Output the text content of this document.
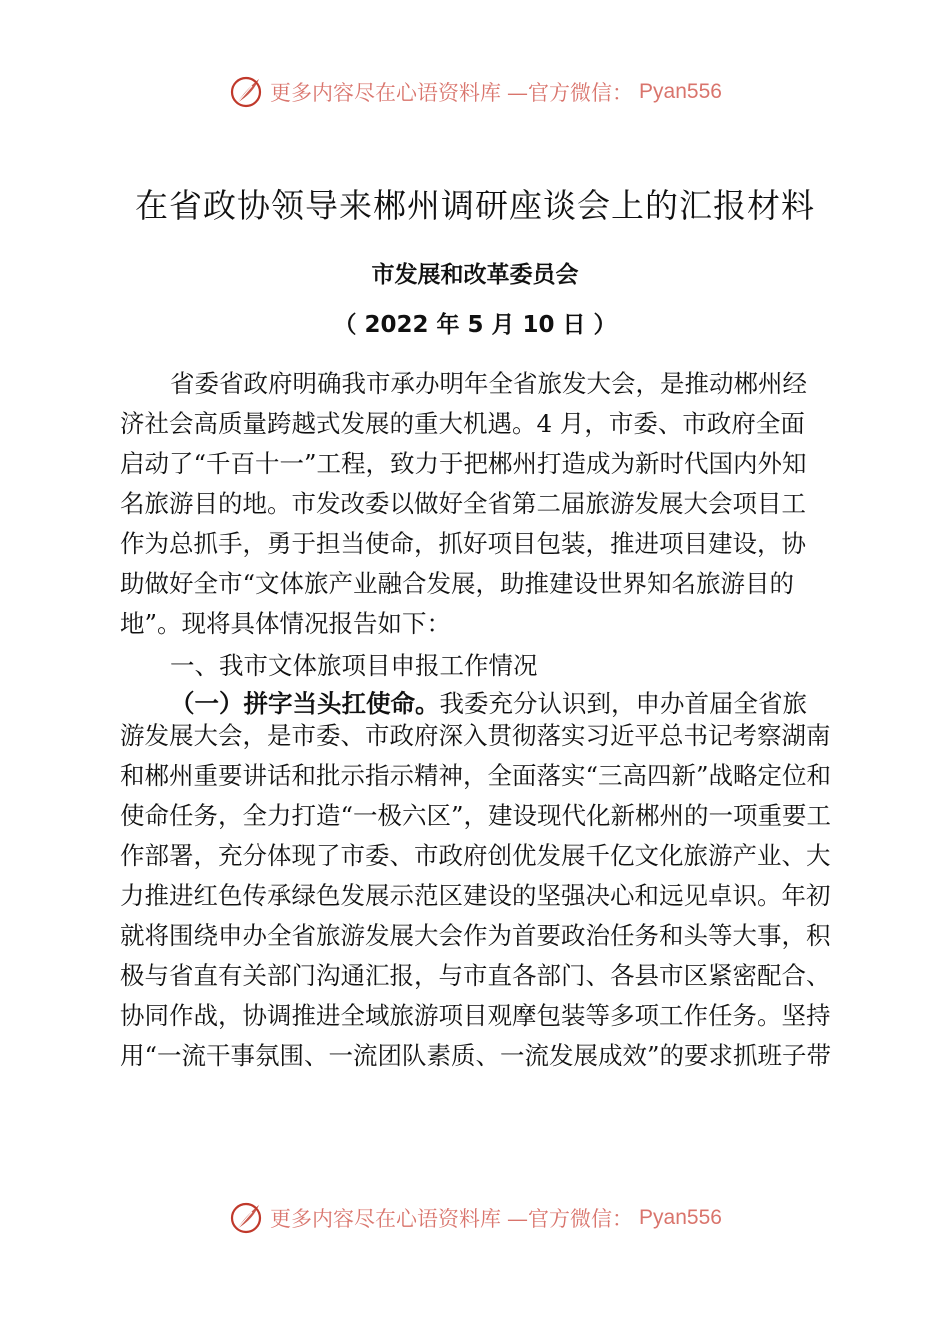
更多内容尽在心语资料库 —官方微信： Pyan556
在省政协领导来郴州调研座谈会上的汇报材料
市发展和改革委员会
（ 2022 年 5 月 10 日 ）
省委省政府明确我市承办明年全省旅发大会，是推动郴州经
济社会高质量跨越式发展的重大机遇。4 月，市委、市政府全面
启动了“千百十一”工程，致力于把郴州打造成为新时代国内外知
名旅游目的地。市发改委以做好全省第二届旅游发展大会项目工
作为总抓手，勇于担当使命，抓好项目包装，推进项目建设，协
助做好全市“文体旅产业融合发展，助推建设世界知名旅游目的
地”。现将具体情况报告如下：
一、我市文体旅项目申报工作情况
（一）拼字当头扛使命。我委充分认识到，申办首届全省旅
游发展大会，是市委、市政府深入贯彻落实习近平总书记考察湖南
和郴州重要讲话和批示指示精神，全面落实“三高四新”战略定位和
使命任务，全力打造“一极六区”，建设现代化新郴州的一项重要工
作部署，充分体现了市委、市政府创优发展千亿文化旅游产业、大
力推进红色传承绿色发展示范区建设的坚强决心和远见卓识。年初
就将围绕申办全省旅游发展大会作为首要政治任务和头等大事，积
极与省直有关部门沟通汇报，与市直各部门、各县市区紧密配合、
协同作战，协调推进全域旅游项目观摩包装等多项工作任务。坚持
用“一流干事氛围、一流团队素质、一流发展成效”的要求抓班子带
更多内容尽在心语资料库 —官方微信： Pyan556
